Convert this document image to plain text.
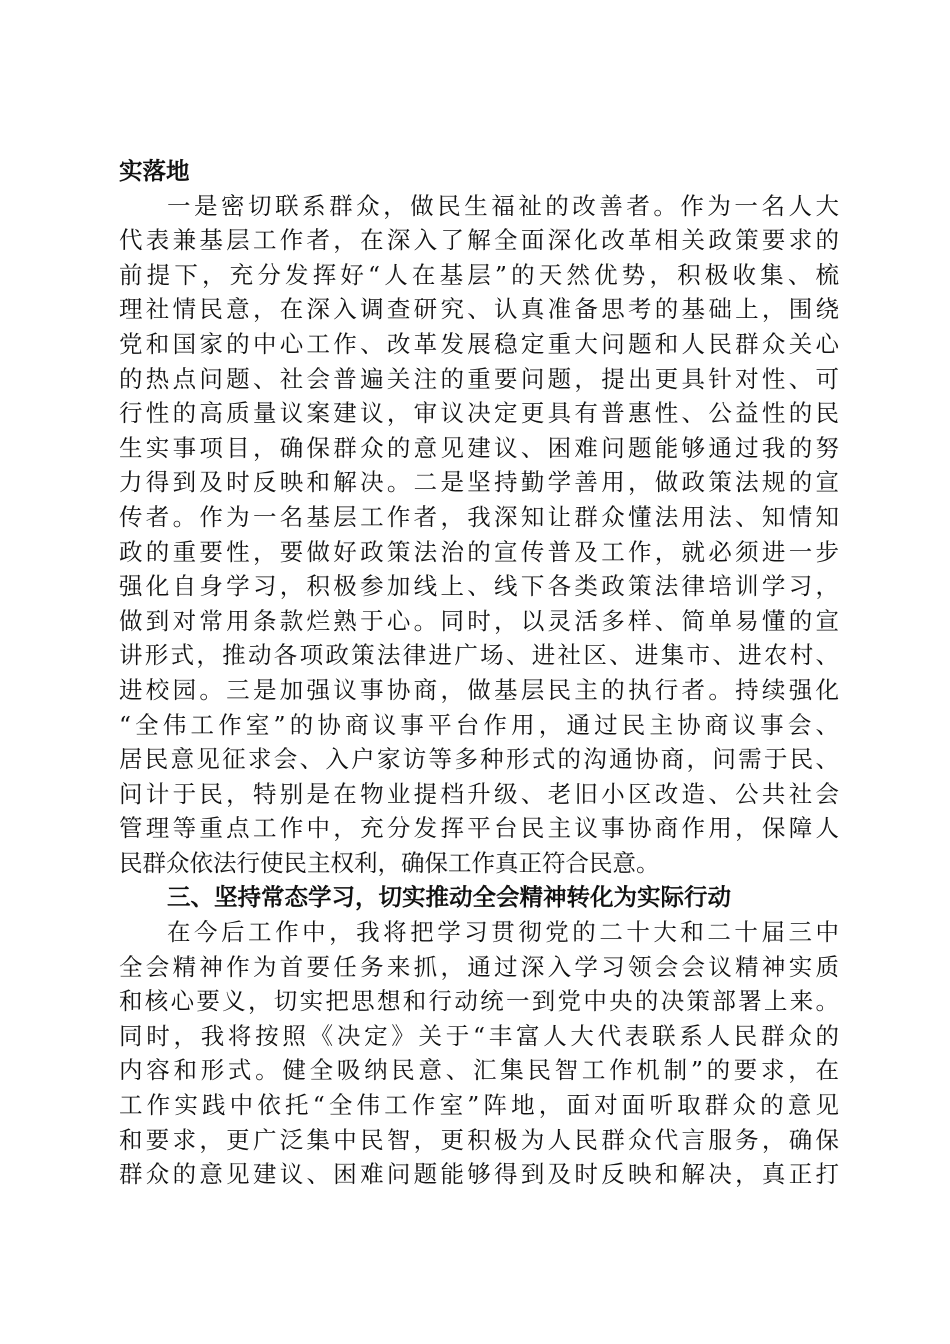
实落地
一是密切联系群众，做民生福祉的改善者。作为一名人大
代表兼基层工作者，在深入了解全面深化改革相关政策要求的
前提下，充分发挥好“人在基层”的天然优势，积极收集、梳
理社情民意，在深入调查研究、认真准备思考的基础上，围绕
党和国家的中心工作、改革发展稳定重大问题和人民群众关心
的热点问题、社会普遍关注的重要问题，提出更具针对性、可
行性的高质量议案建议，审议决定更具有普惠性、公益性的民
生实事项目，确保群众的意见建议、困难问题能够通过我的努
力得到及时反映和解决。二是坚持勤学善用，做政策法规的宣
传者。作为一名基层工作者，我深知让群众懂法用法、知情知
政的重要性，要做好政策法治的宣传普及工作，就必须进一步
强化自身学习，积极参加线上、线下各类政策法律培训学习，
做到对常用条款烂熟于心。同时，以灵活多样、简单易懂的宣
讲形式，推动各项政策法律进广场、进社区、进集市、进农村、
进校园。三是加强议事协商，做基层民主的执行者。持续强化
“全伟工作室”的协商议事平台作用，通过民主协商议事会、
居民意见征求会、入户家访等多种形式的沟通协商，问需于民、
问计于民，特别是在物业提档升级、老旧小区改造、公共社会
管理等重点工作中，充分发挥平台民主议事协商作用，保障人
民群众依法行使民主权利，确保工作真正符合民意。
三、坚持常态学习，切实推动全会精神转化为实际行动
在今后工作中，我将把学习贯彻党的二十大和二十届三中
全会精神作为首要任务来抓，通过深入学习领会会议精神实质
和核心要义，切实把思想和行动统一到党中央的决策部署上来。
同时，我将按照《决定》关于“丰富人大代表联系人民群众的
内容和形式。健全吸纳民意、汇集民智工作机制”的要求，在
工作实践中依托“全伟工作室”阵地，面对面听取群众的意见
和要求，更广泛集中民智，更积极为人民群众代言服务，确保
群众的意见建议、困难问题能够得到及时反映和解决，真正打
